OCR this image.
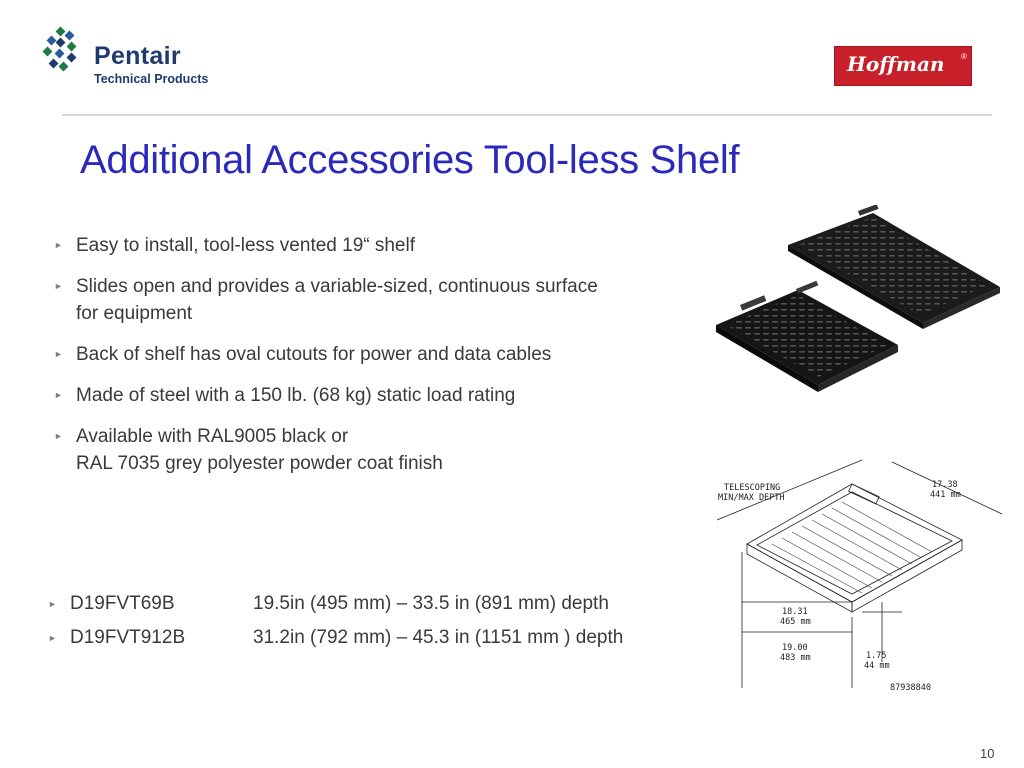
Pentair
Technical Products
Hoffman ®
Additional Accessories Tool-less Shelf
► Easy to install, tool-less vented 19“ shelf
► Slides open and provides a variable-sized, continuous surface
for equipment
► Back of shelf has oval cutouts for power and data cables
► Made of steel with a 150 lb. (68 kg) static load rating
► Available with RAL9005 black or
RAL 7035 grey polyester powder coat finish
► D19FVT69B	19.5in (495 mm) – 33.5 in (891 mm) depth
► D19FVT912B	31.2in (792 mm) – 45.3 in (1151 mm ) depth
TELESCOPING
MIN/MAX DEPTH
17.38
441 mm
18.31
465 mm
19.00
483 mm	1.75
44 mm
87938840
10
